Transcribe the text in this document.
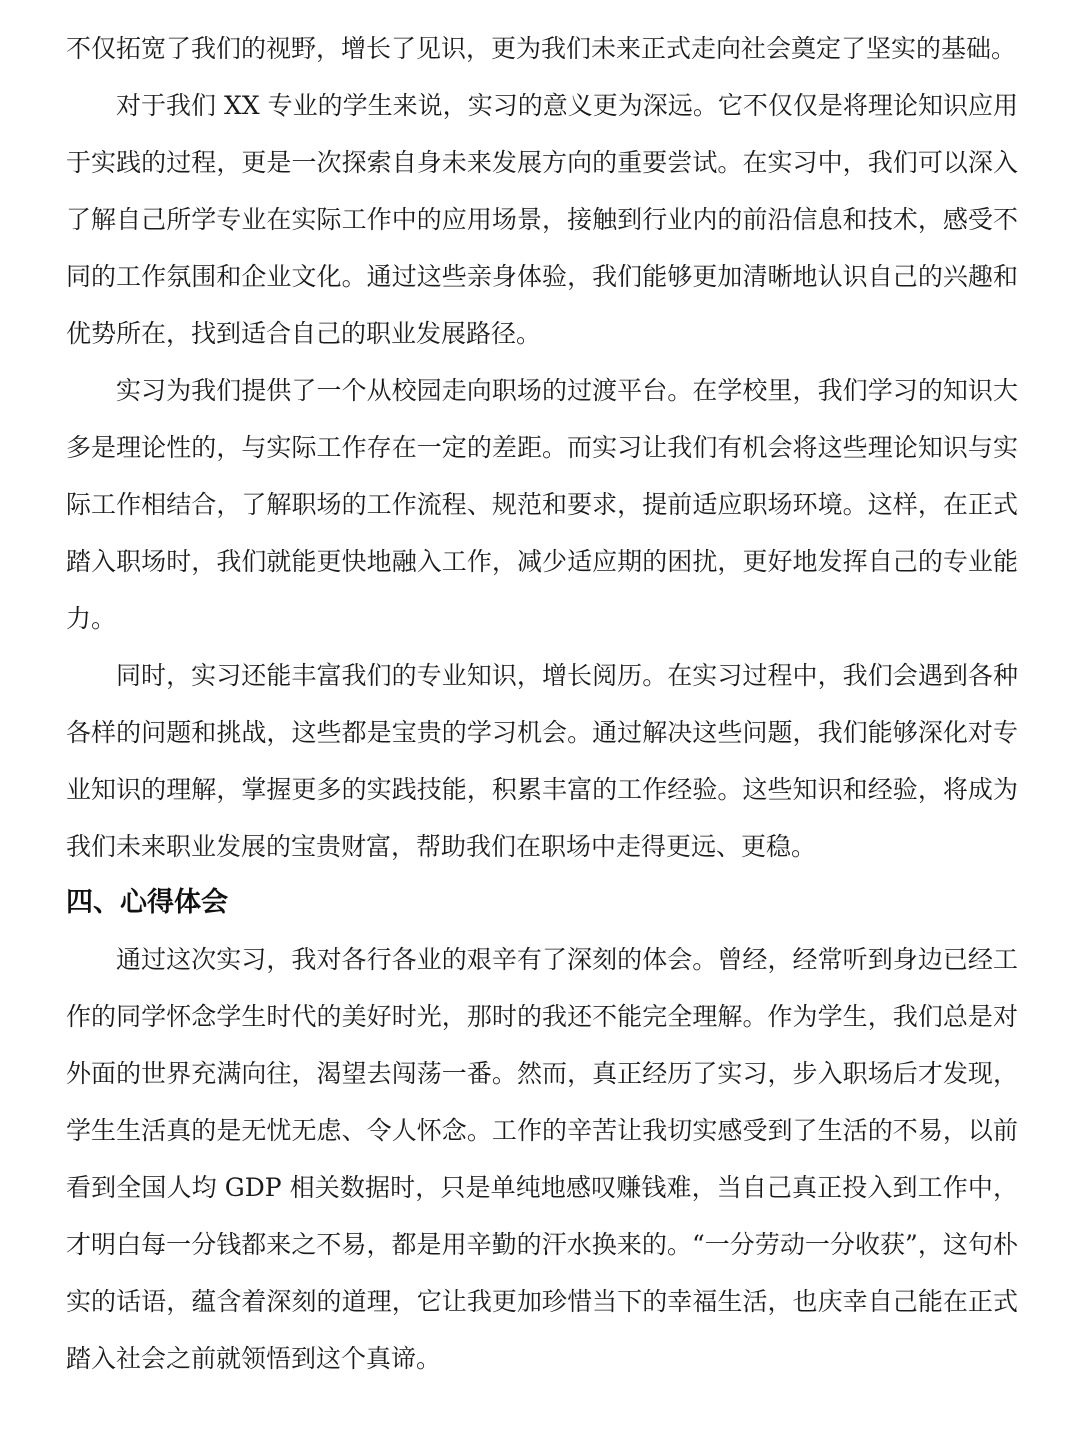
不仅拓宽了我们的视野，增长了见识，更为我们未来正式走向社会奠定了坚实的基础。

对于我们 XX 专业的学生来说，实习的意义更为深远。它不仅仅是将理论知识应用于实践的过程，更是一次探索自身未来发展方向的重要尝试。在实习中，我们可以深入了解自己所学专业在实际工作中的应用场景，接触到行业内的前沿信息和技术，感受不同的工作氛围和企业文化。通过这些亲身体验，我们能够更加清晰地认识自己的兴趣和优势所在，找到适合自己的职业发展路径。

实习为我们提供了一个从校园走向职场的过渡平台。在学校里，我们学习的知识大多是理论性的，与实际工作存在一定的差距。而实习让我们有机会将这些理论知识与实际工作相结合，了解职场的工作流程、规范和要求，提前适应职场环境。这样，在正式踏入职场时，我们就能更快地融入工作，减少适应期的困扰，更好地发挥自己的专业能力。

同时，实习还能丰富我们的专业知识，增长阅历。在实习过程中，我们会遇到各种各样的问题和挑战，这些都是宝贵的学习机会。通过解决这些问题，我们能够深化对专业知识的理解，掌握更多的实践技能，积累丰富的工作经验。这些知识和经验，将成为我们未来职业发展的宝贵财富，帮助我们在职场中走得更远、更稳。

四、心得体会

通过这次实习，我对各行各业的艰辛有了深刻的体会。曾经，经常听到身边已经工作的同学怀念学生时代的美好时光，那时的我还不能完全理解。作为学生，我们总是对外面的世界充满向往，渴望去闯荡一番。然而，真正经历了实习，步入职场后才发现，学生生活真的是无忧无虑、令人怀念。工作的辛苦让我切实感受到了生活的不易，以前看到全国人均 GDP 相关数据时，只是单纯地感叹赚钱难，当自己真正投入到工作中，才明白每一分钱都来之不易，都是用辛勤的汗水换来的。“一分劳动一分收获”，这句朴实的话语，蕴含着深刻的道理，它让我更加珍惜当下的幸福生活，也庆幸自己能在正式踏入社会之前就领悟到这个真谛。
